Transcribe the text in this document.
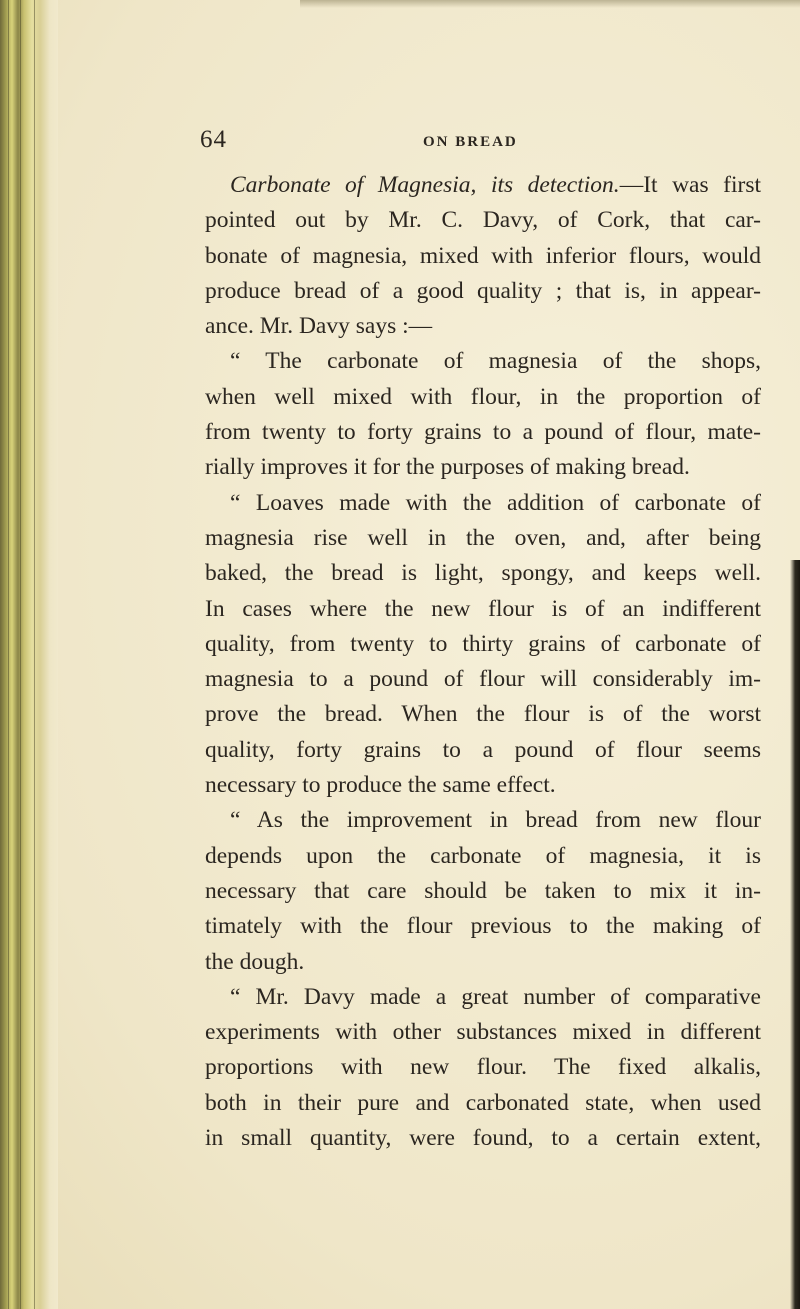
64	ON BREAD
Carbonate of Magnesia, its detection.—It was first
pointed out by Mr. C. Davy, of Cork, that car-
bonate of magnesia, mixed with inferior flours, would
produce bread of a good quality ; that is, in appear-
ance. Mr. Davy says :—
“ The carbonate of magnesia of the shops,
when well mixed with flour, in the proportion of
from twenty to forty grains to a pound of flour, mate-
rially improves it for the purposes of making bread.
“ Loaves made with the addition of carbonate of
magnesia rise well in the oven, and, after being
baked, the bread is light, spongy, and keeps well.
In cases where the new flour is of an indifferent
quality, from twenty to thirty grains of carbonate of
magnesia to a pound of flour will considerably im-
prove the bread. When the flour is of the worst
quality, forty grains to a pound of flour seems
necessary to produce the same effect.
“ As the improvement in bread from new flour
depends upon the carbonate of magnesia, it is
necessary that care should be taken to mix it in-
timately with the flour previous to the making of
the dough.
“ Mr. Davy made a great number of comparative
experiments with other substances mixed in different
proportions with new flour. The fixed alkalis,
both in their pure and carbonated state, when used
in small quantity, were found, to a certain extent,
